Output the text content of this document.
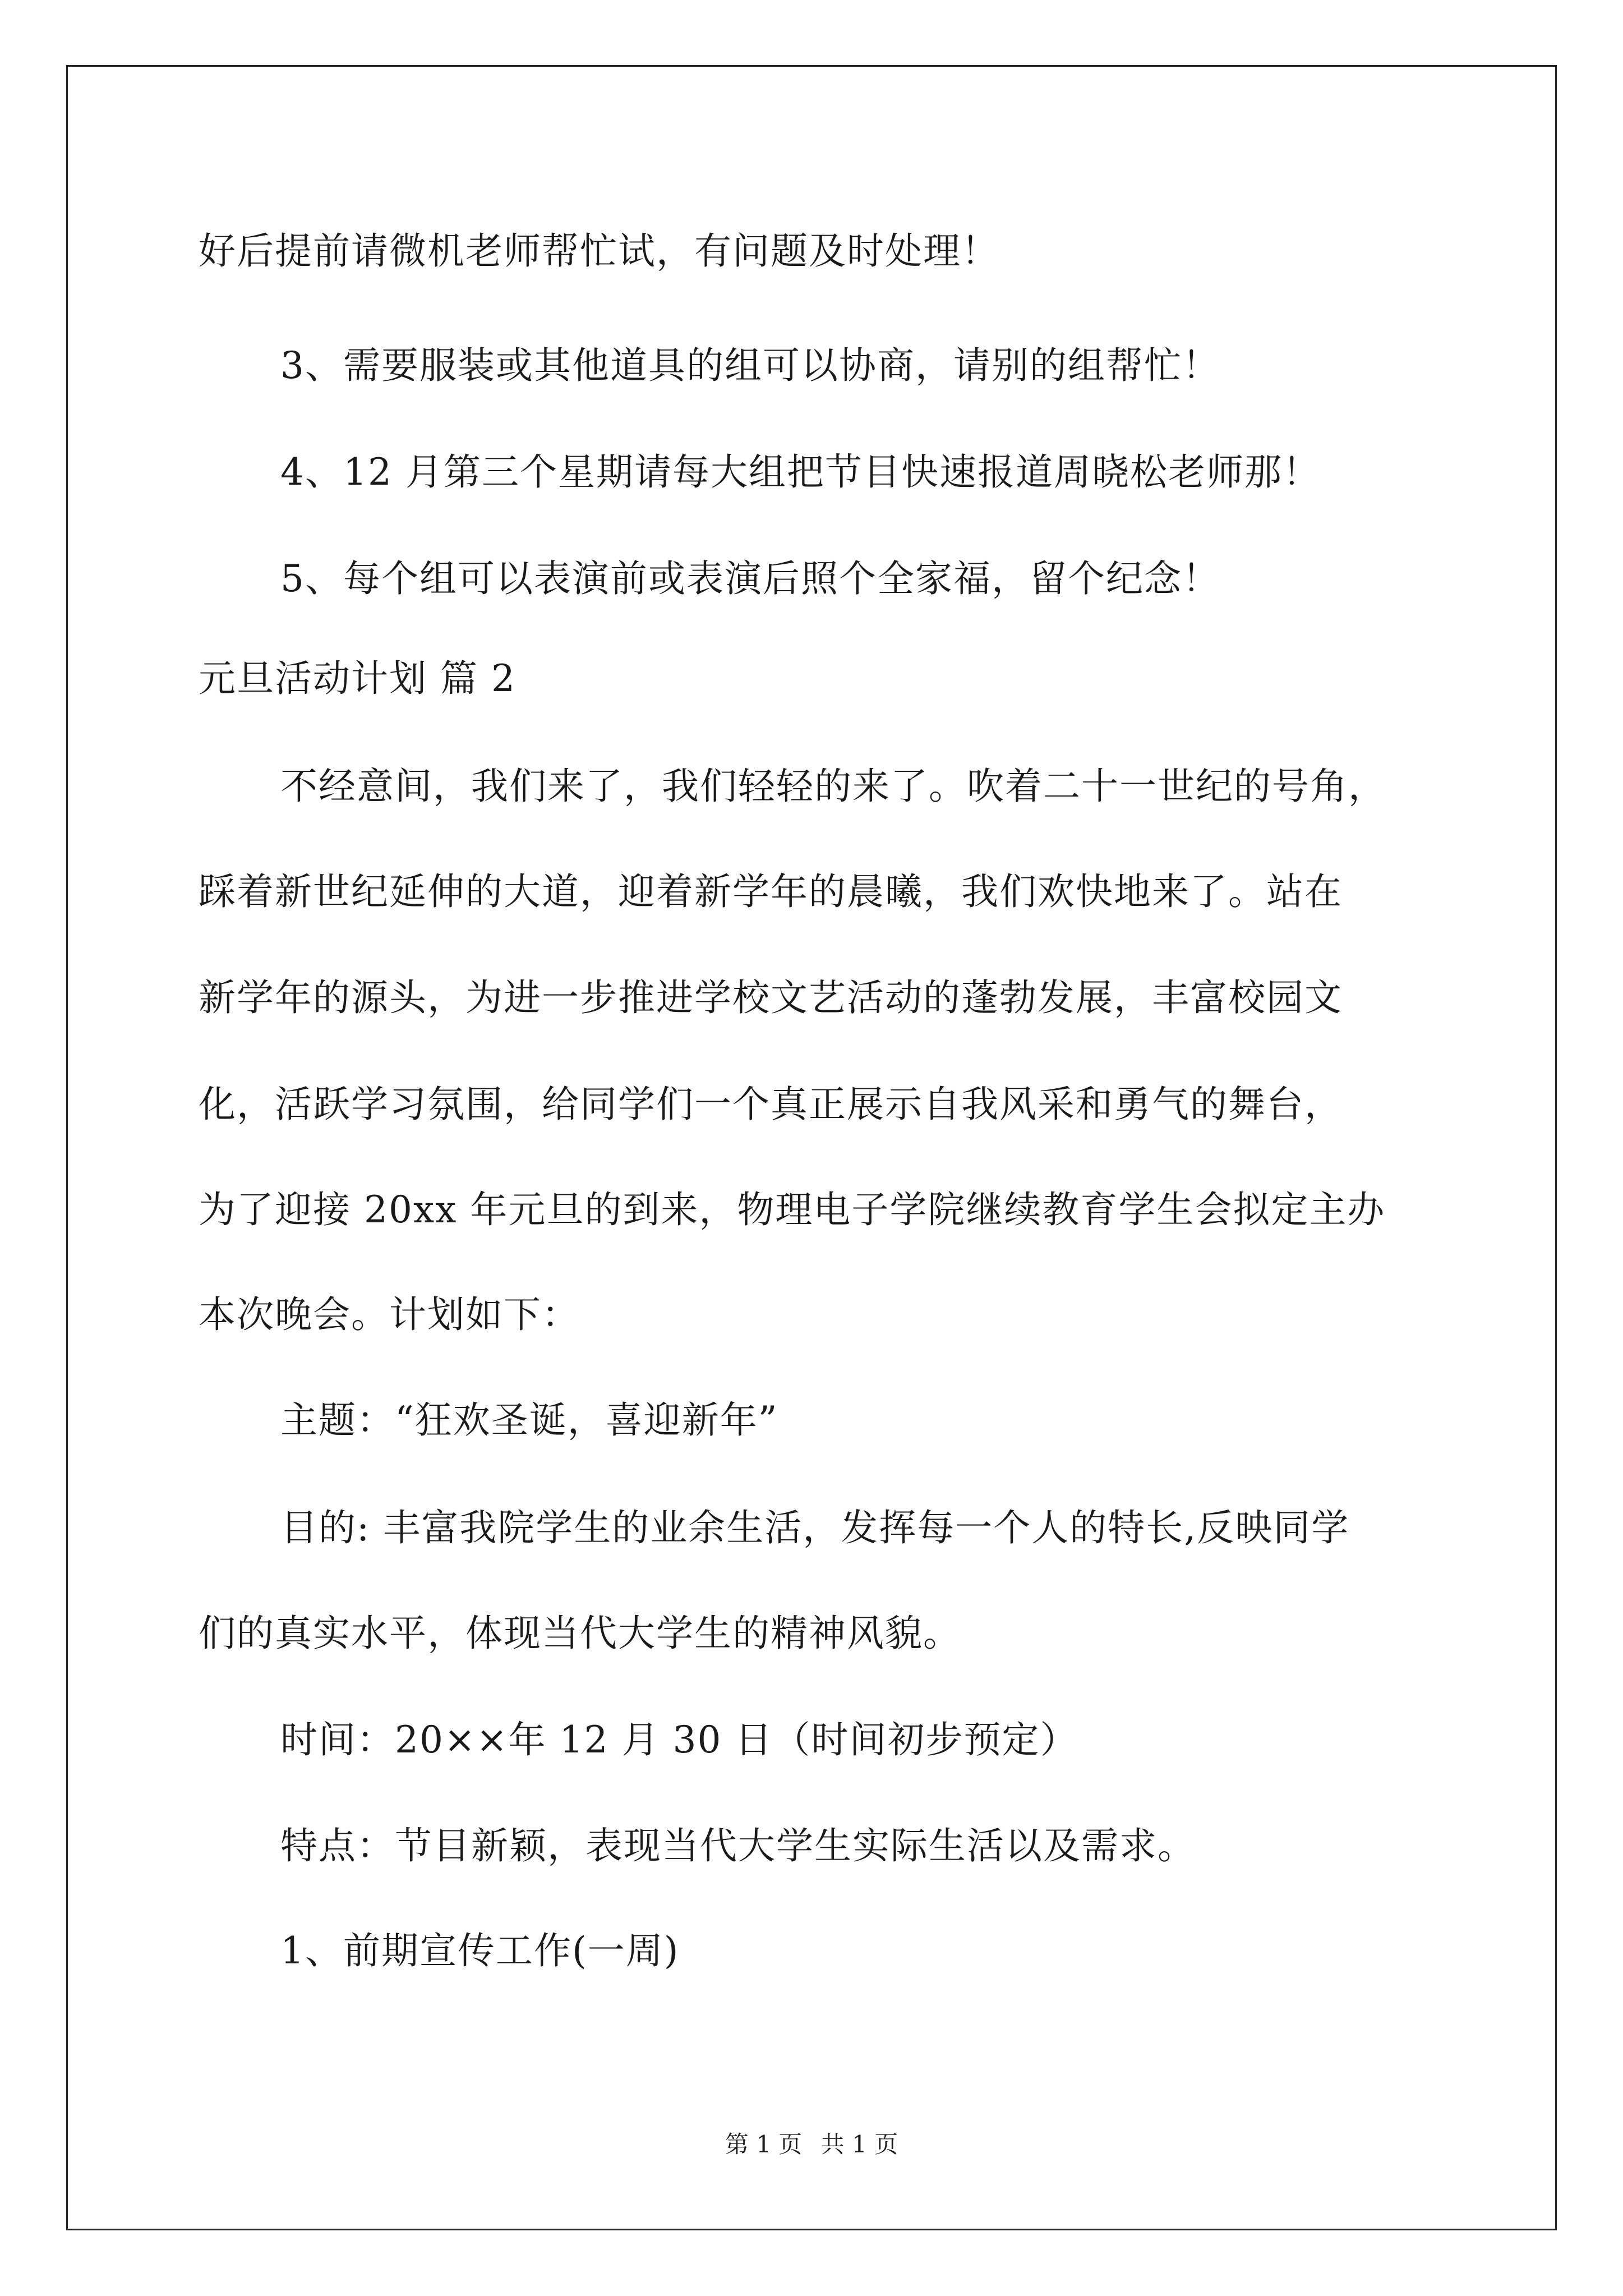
好后提前请微机老师帮忙试，有问题及时处理！

3、需要服装或其他道具的组可以协商，请别的组帮忙！

4、12 月第三个星期请每大组把节目快速报道周晓松老师那！

5、每个组可以表演前或表演后照个全家福，留个纪念！

元旦活动计划 篇 2

不经意间，我们来了，我们轻轻的来了。吹着二十一世纪的号角，

踩着新世纪延伸的大道，迎着新学年的晨曦，我们欢快地来了。站在

新学年的源头，为进一步推进学校文艺活动的蓬勃发展，丰富校园文

化，活跃学习氛围，给同学们一个真正展示自我风采和勇气的舞台，

为了迎接 20xx 年元旦的到来，物理电子学院继续教育学生会拟定主办

本次晚会。计划如下：

主题：“狂欢圣诞，喜迎新年”

目的: 丰富我院学生的业余生活，发挥每一个人的特长,反映同学

们的真实水平，体现当代大学生的精神风貌。

时间：20××年 12 月 30 日（时间初步预定）

特点：节目新颖，表现当代大学生实际生活以及需求。

1、前期宣传工作(一周)

第 1 页 共 1 页
